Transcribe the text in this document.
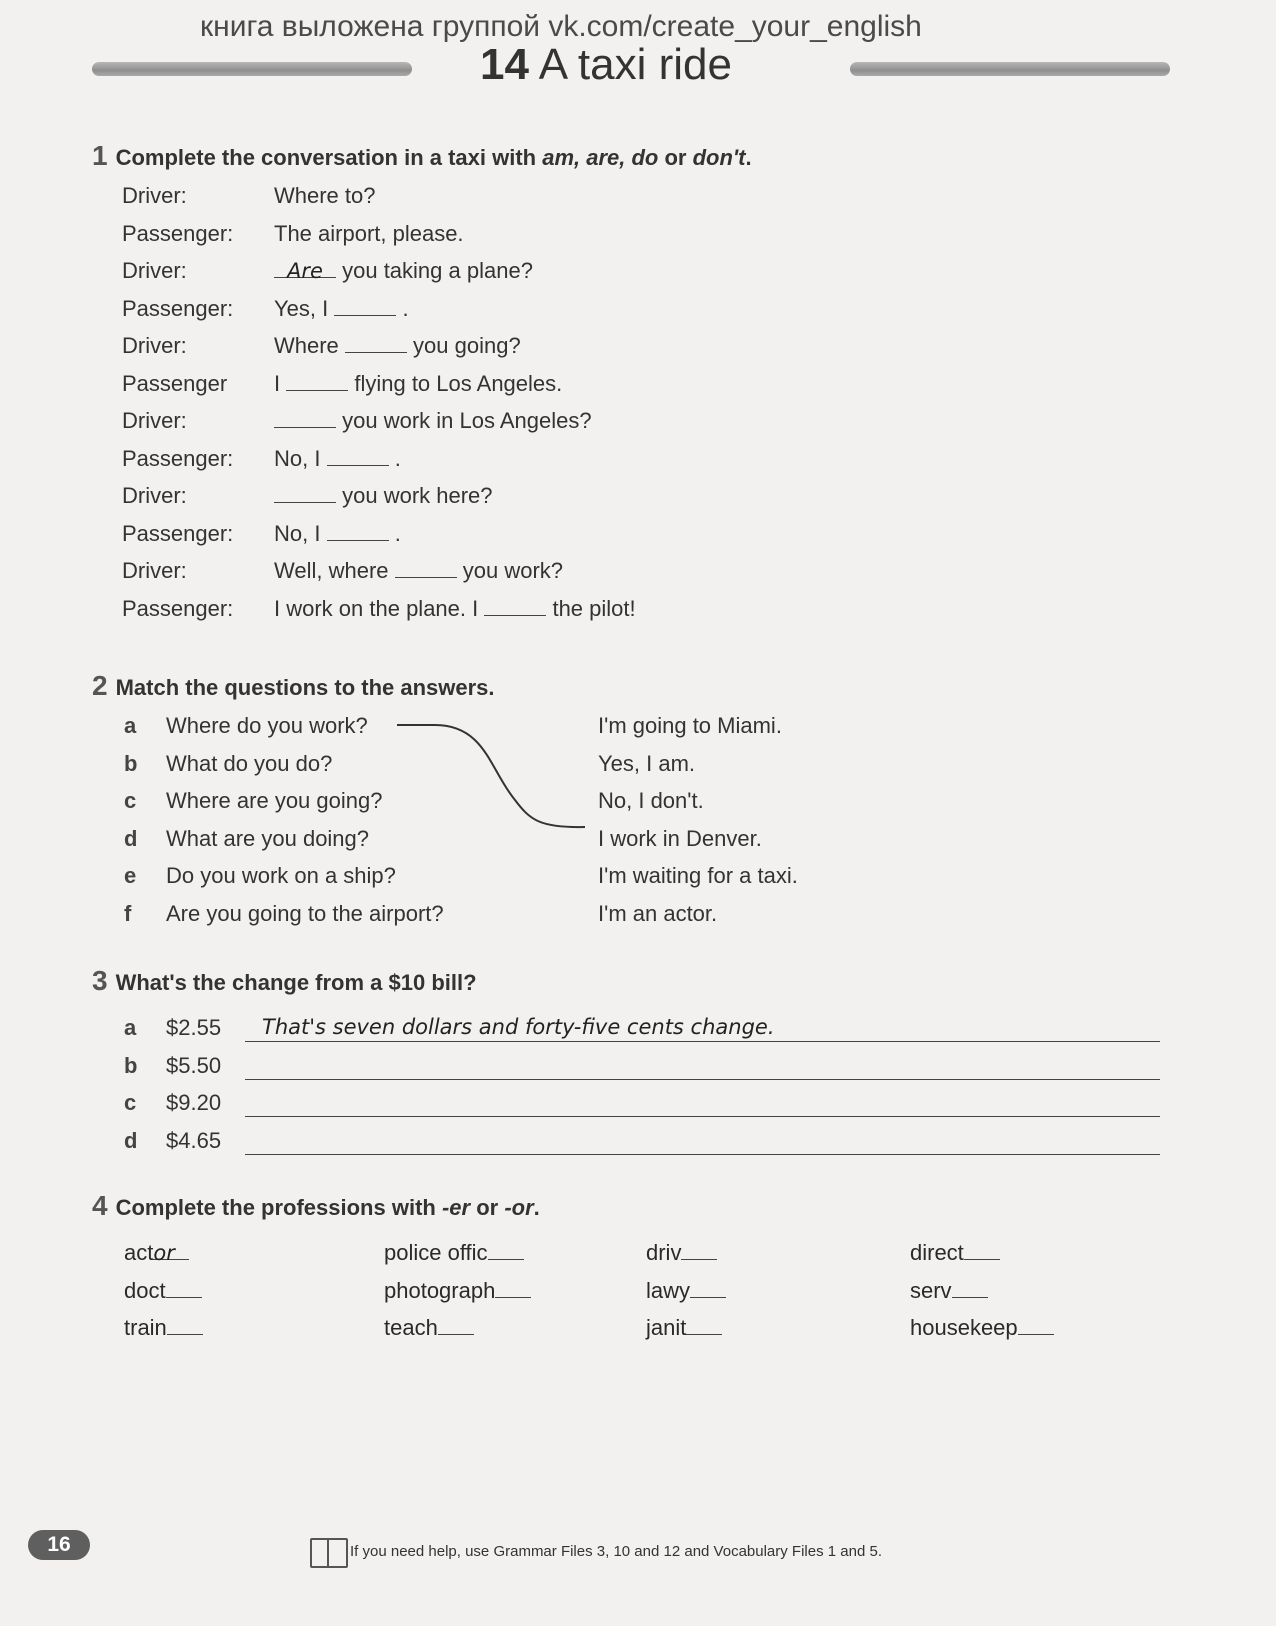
книга выложена группой vk.com/create_your_english
14 A taxi ride
1 Complete the conversation in a taxi with am, are, do or don't.
Driver:	Where to?
Passenger: The airport, please.
Driver:	Are you taking a plane?
Passenger: Yes, I	.
Driver:	Where	you going?
Passenger I	flying to Los Angeles.
Driver:	you work in Los Angeles?
Passenger: No, I	.
Driver:	you work here?
Passenger: No, I	.
Driver:	Well, where	you work?
Passenger: I work on the plane. I	the pilot!
2 Match the questions to the answers.
a Where do you work?	I'm going to Miami.
b What do you do?	Yes, I am.
c Where are you going?	No, I don't.
d What are you doing?	I work in Denver.
e Do you work on a ship?	I'm waiting for a taxi.
f Are you going to the airport?	I'm an actor.
3 What's the change from a $10 bill?
a $2.55 That's seven dollars and forty-five cents change.
b $5.50
c $9.20
d $4.65
4 Complete the professions with -er or -or.
actor	police offic	driv	direct
doct	photograph	lawy	serv
train	teach	janit	housekeep
16	If you need help, use Grammar Files 3, 10 and 12 and Vocabulary Files 1 and 5.
